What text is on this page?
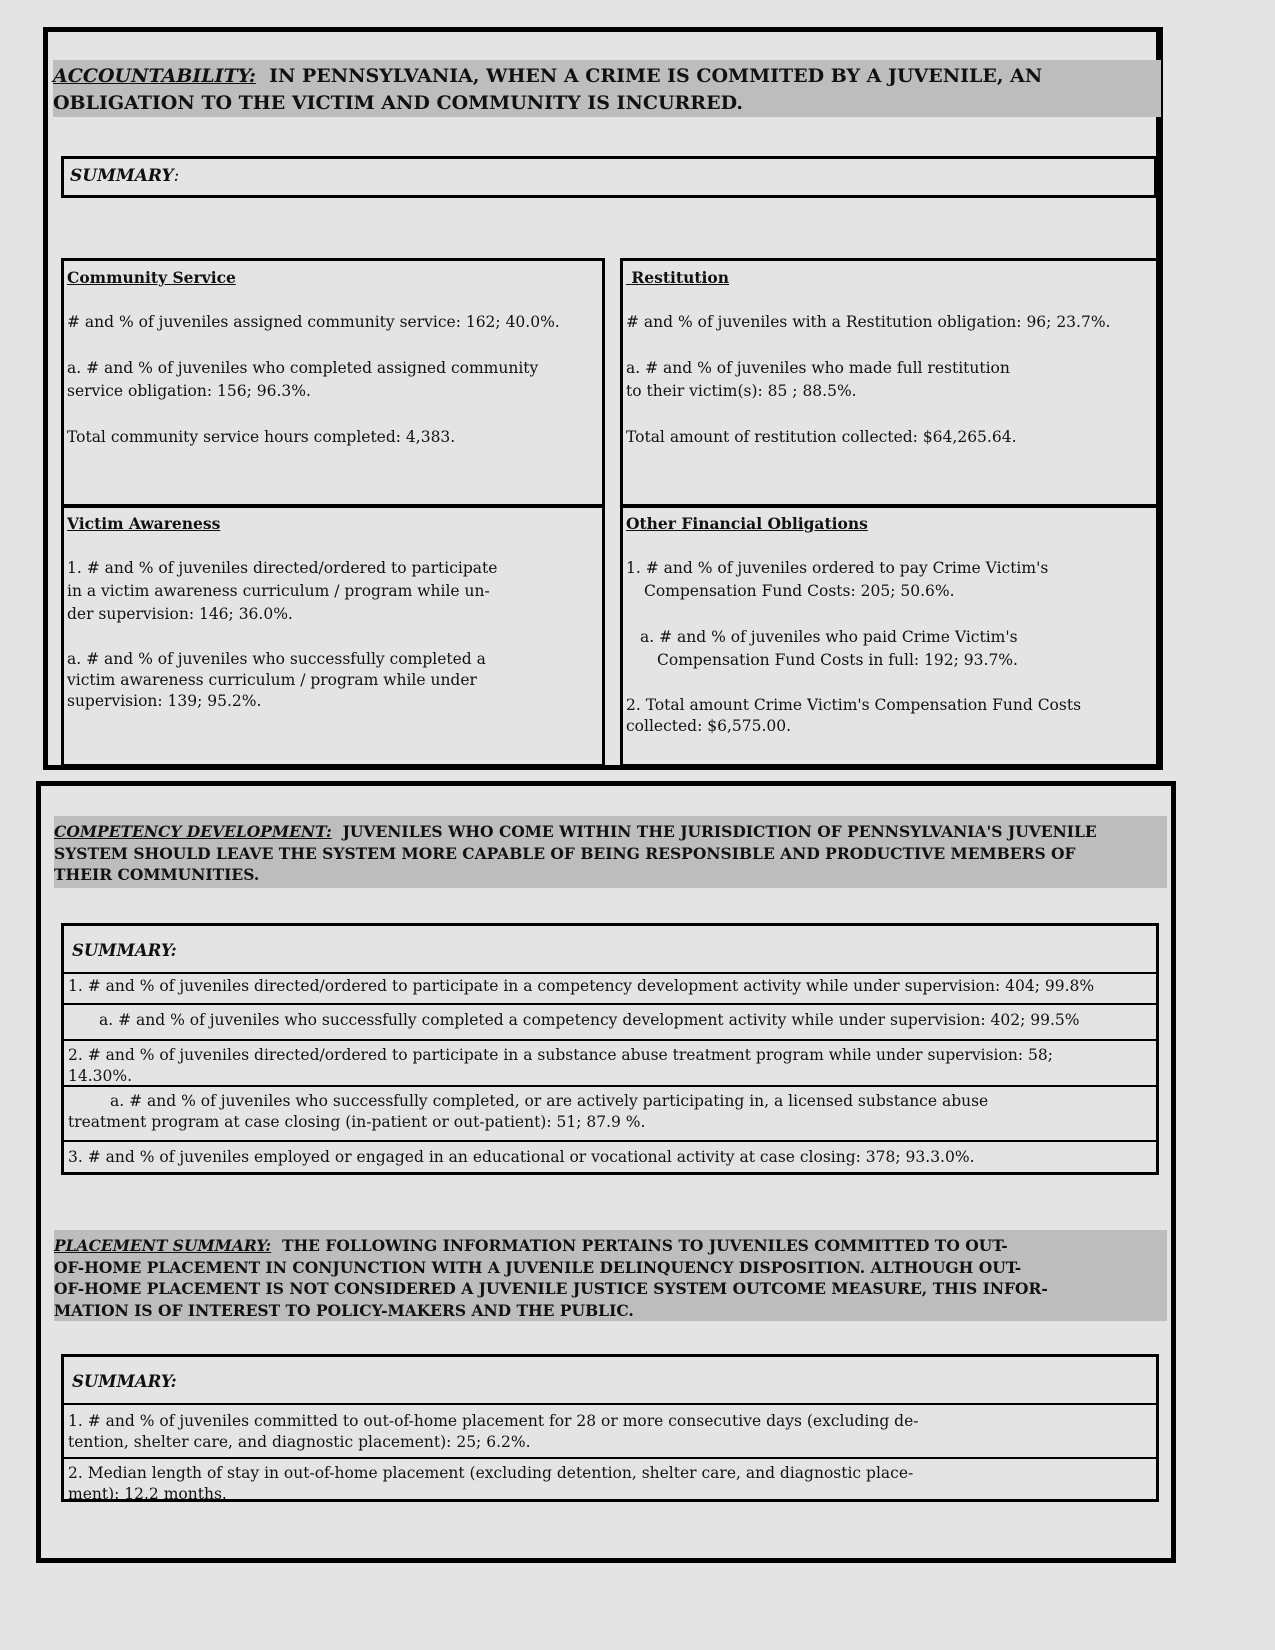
ACCOUNTABILITY: IN PENNSYLVANIA, WHEN A CRIME IS COMMITED BY A JUVENILE, AN
OBLIGATION TO THE VICTIM AND COMMUNITY IS INCURRED.
SUMMARY:
Community Service

# and % of juveniles assigned community service: 162; 40.0%.

a. # and % of juveniles who completed assigned community
service obligation: 156; 96.3%.

Total community service hours completed: 4,383.

Restitution

# and % of juveniles with a Restitution obligation: 96; 23.7%.

a. # and % of juveniles who made full restitution
to their victim(s): 85 ; 88.5%.

Total amount of restitution collected: $64,265.64.

Victim Awareness

1. # and % of juveniles directed/ordered to participate
in a victim awareness curriculum / program while un-
der supervision: 146; 36.0%.

a. # and % of juveniles who successfully completed a
victim awareness curriculum / program while under
supervision: 139; 95.2%.

Other Financial Obligations

1. # and % of juveniles ordered to pay Crime Victim's
Compensation Fund Costs: 205; 50.6%.

a. # and % of juveniles who paid Crime Victim's
Compensation Fund Costs in full: 192; 93.7%.

2. Total amount Crime Victim's Compensation Fund Costs
collected: $6,575.00.

COMPETENCY DEVELOPMENT: JUVENILES WHO COME WITHIN THE JURISDICTION OF PENNSYLVANIA'S JUVENILE
SYSTEM SHOULD LEAVE THE SYSTEM MORE CAPABLE OF BEING RESPONSIBLE AND PRODUCTIVE MEMBERS OF
THEIR COMMUNITIES.
SUMMARY:
1. # and % of juveniles directed/ordered to participate in a competency development activity while under supervision: 404; 99.8%
a. # and % of juveniles who successfully completed a competency development activity while under supervision: 402; 99.5%
2. # and % of juveniles directed/ordered to participate in a substance abuse treatment program while under supervision: 58;
14.30%.
a. # and % of juveniles who successfully completed, or are actively participating in, a licensed substance abuse
treatment program at case closing (in-patient or out-patient): 51; 87.9 %.
3. # and % of juveniles employed or engaged in an educational or vocational activity at case closing: 378; 93.3.0%.
PLACEMENT SUMMARY: THE FOLLOWING INFORMATION PERTAINS TO JUVENILES COMMITTED TO OUT-
OF-HOME PLACEMENT IN CONJUNCTION WITH A JUVENILE DELINQUENCY DISPOSITION. ALTHOUGH OUT-
OF-HOME PLACEMENT IS NOT CONSIDERED A JUVENILE JUSTICE SYSTEM OUTCOME MEASURE, THIS INFOR-
MATION IS OF INTEREST TO POLICY-MAKERS AND THE PUBLIC.
SUMMARY:
1. # and % of juveniles committed to out-of-home placement for 28 or more consecutive days (excluding de-
tention, shelter care, and diagnostic placement): 25; 6.2%.
2. Median length of stay in out-of-home placement (excluding detention, shelter care, and diagnostic place-
ment): 12.2 months.
